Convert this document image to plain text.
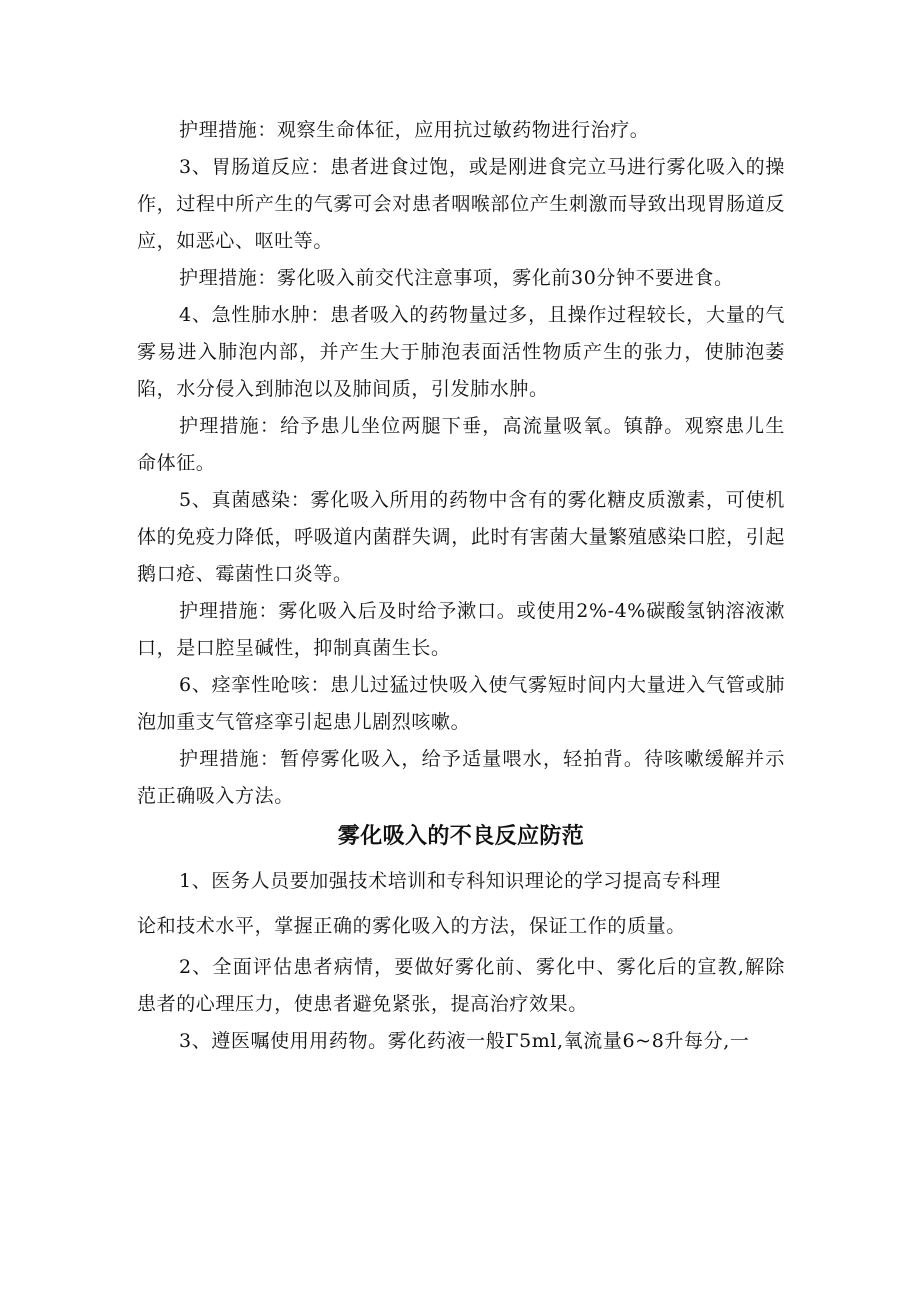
护理措施：观察生命体征，应用抗过敏药物进行治疗。

3、胃肠道反应：患者进食过饱，或是刚进食完立马进行雾化吸入的操作，过程中所产生的气雾可会对患者咽喉部位产生刺激而导致出现胃肠道反应，如恶心、呕吐等。

护理措施：雾化吸入前交代注意事项，雾化前30分钟不要进食。

4、急性肺水肿：患者吸入的药物量过多，且操作过程较长，大量的气雾易进入肺泡内部，并产生大于肺泡表面活性物质产生的张力，使肺泡萎陷，水分侵入到肺泡以及肺间质，引发肺水肿。

护理措施：给予患儿坐位两腿下垂，高流量吸氧。镇静。观察患儿生命体征。

5、真菌感染：雾化吸入所用的药物中含有的雾化糖皮质激素，可使机体的免疫力降低，呼吸道内菌群失调，此时有害菌大量繁殖感染口腔，引起鹅口疮、霉菌性口炎等。

护理措施：雾化吸入后及时给予漱口。或使用2%-4%碳酸氢钠溶液漱口，是口腔呈碱性，抑制真菌生长。

6、痉挛性呛咳：患儿过猛过快吸入使气雾短时间内大量进入气管或肺泡加重支气管痉挛引起患儿剧烈咳嗽。

护理措施：暂停雾化吸入，给予适量喂水，轻拍背。待咳嗽缓解并示范正确吸入方法。

雾化吸入的不良反应防范

1、医务人员要加强技术培训和专科知识理论的学习提高专科理

论和技术水平，掌握正确的雾化吸入的方法，保证工作的质量。

2、全面评估患者病情，要做好雾化前、雾化中、雾化后的宣教,解除患者的心理压力，使患者避免紧张，提高治疗效果。

3、遵医嘱使用用药物。雾化药液一般Γ5ml,氧流量6~8升每分,一
